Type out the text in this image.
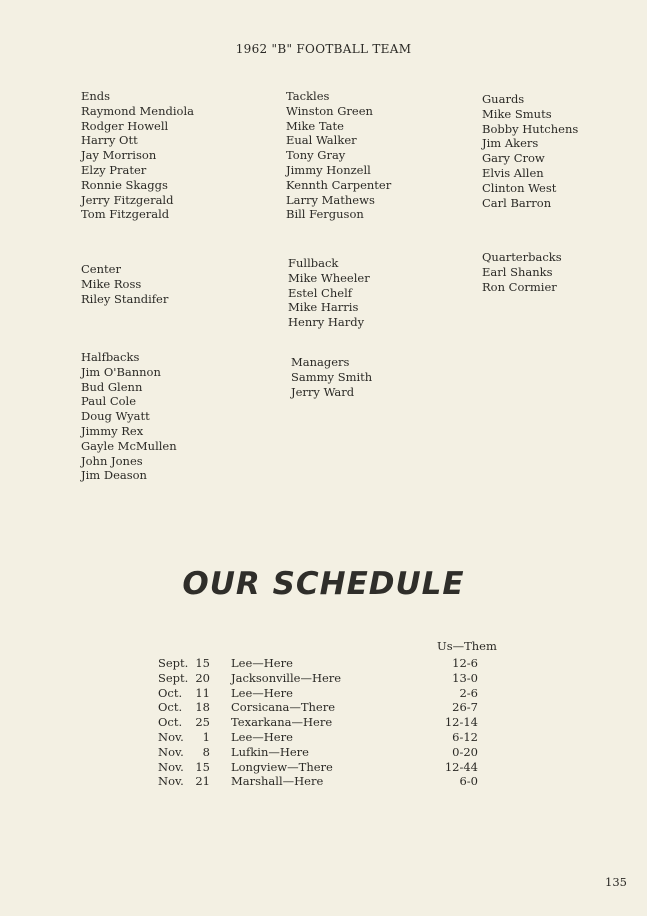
1962 "B" FOOTBALL TEAM
Ends
Raymond Mendiola
Rodger Howell
Harry Ott
Jay Morrison
Elzy Prater
Ronnie Skaggs
Jerry Fitzgerald
Tom Fitzgerald
Tackles
Winston Green
Mike Tate
Eual Walker
Tony Gray
Jimmy Honzell
Kennth Carpenter
Larry Mathews
Bill Ferguson
Guards
Mike Smuts
Bobby Hutchens
Jim Akers
Gary Crow
Elvis Allen
Clinton West
Carl Barron
Center
Mike Ross
Riley Standifer
Fullback
Mike Wheeler
Estel Chelf
Mike Harris
Henry Hardy
Quarterbacks
Earl Shanks
Ron Cormier
Halfbacks
Jim O'Bannon
Bud Glenn
Paul Cole
Doug Wyatt
Jimmy Rex
Gayle McMullen
John Jones
Jim Deason
Managers
Sammy Smith
Jerry Ward
OUR SCHEDULE
Us—Them
Sept. 15 Lee—Here	12-6
Sept. 20 Jacksonville—Here	13-0
Oct.	11 Lee—Here	2-6
Oct.	18 Corsicana—There	26-7
Oct.	25 Texarkana—Here	12-14
Nov.	1 Lee—Here	6-12
Nov.	8 Lufkin—Here	0-20
Nov.	15 Longview—There	12-44
Nov.	21 Marshall—Here	6-0
135
